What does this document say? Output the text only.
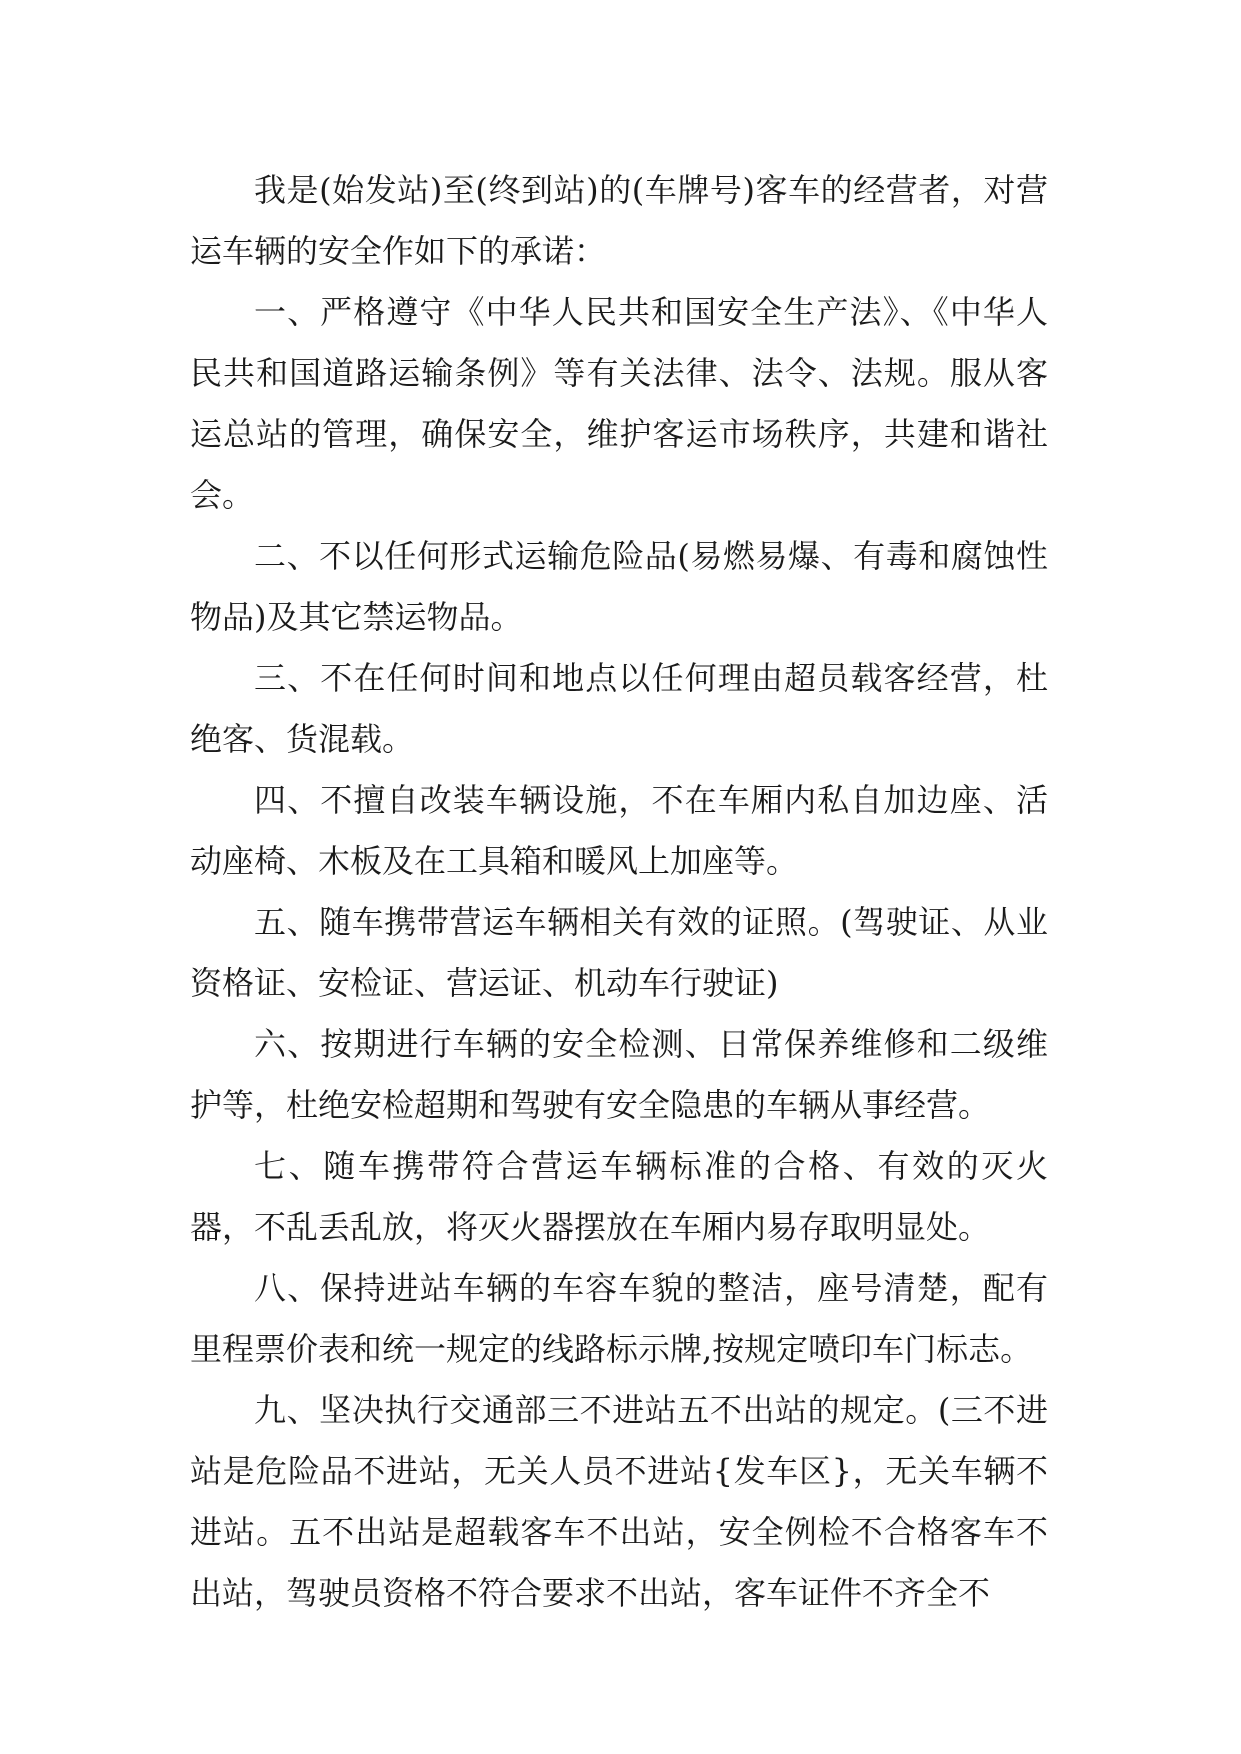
我是(始发站)至(终到站)的(车牌号)客车的经营者，对营运车辆的安全作如下的承诺：

一、严格遵守《中华人民共和国安全生产法》、《中华人民共和国道路运输条例》等有关法律、法令、法规。服从客运总站的管理，确保安全，维护客运市场秩序，共建和谐社会。

二、不以任何形式运输危险品(易燃易爆、有毒和腐蚀性物品)及其它禁运物品。

三、不在任何时间和地点以任何理由超员载客经营，杜绝客、货混载。

四、不擅自改装车辆设施，不在车厢内私自加边座、活动座椅、木板及在工具箱和暖风上加座等。

五、随车携带营运车辆相关有效的证照。(驾驶证、从业资格证、安检证、营运证、机动车行驶证)

六、按期进行车辆的安全检测、日常保养维修和二级维护等，杜绝安检超期和驾驶有安全隐患的车辆从事经营。

七、随车携带符合营运车辆标准的合格、有效的灭火器，不乱丢乱放，将灭火器摆放在车厢内易存取明显处。

八、保持进站车辆的车容车貌的整洁，座号清楚，配有里程票价表和统一规定的线路标示牌,按规定喷印车门标志。

九、坚决执行交通部三不进站五不出站的规定。(三不进站是危险品不进站，无关人员不进站{发车区}，无关车辆不进站。五不出站是超载客车不出站，安全例检不合格客车不出站，驾驶员资格不符合要求不出站，客车证件不齐全不
